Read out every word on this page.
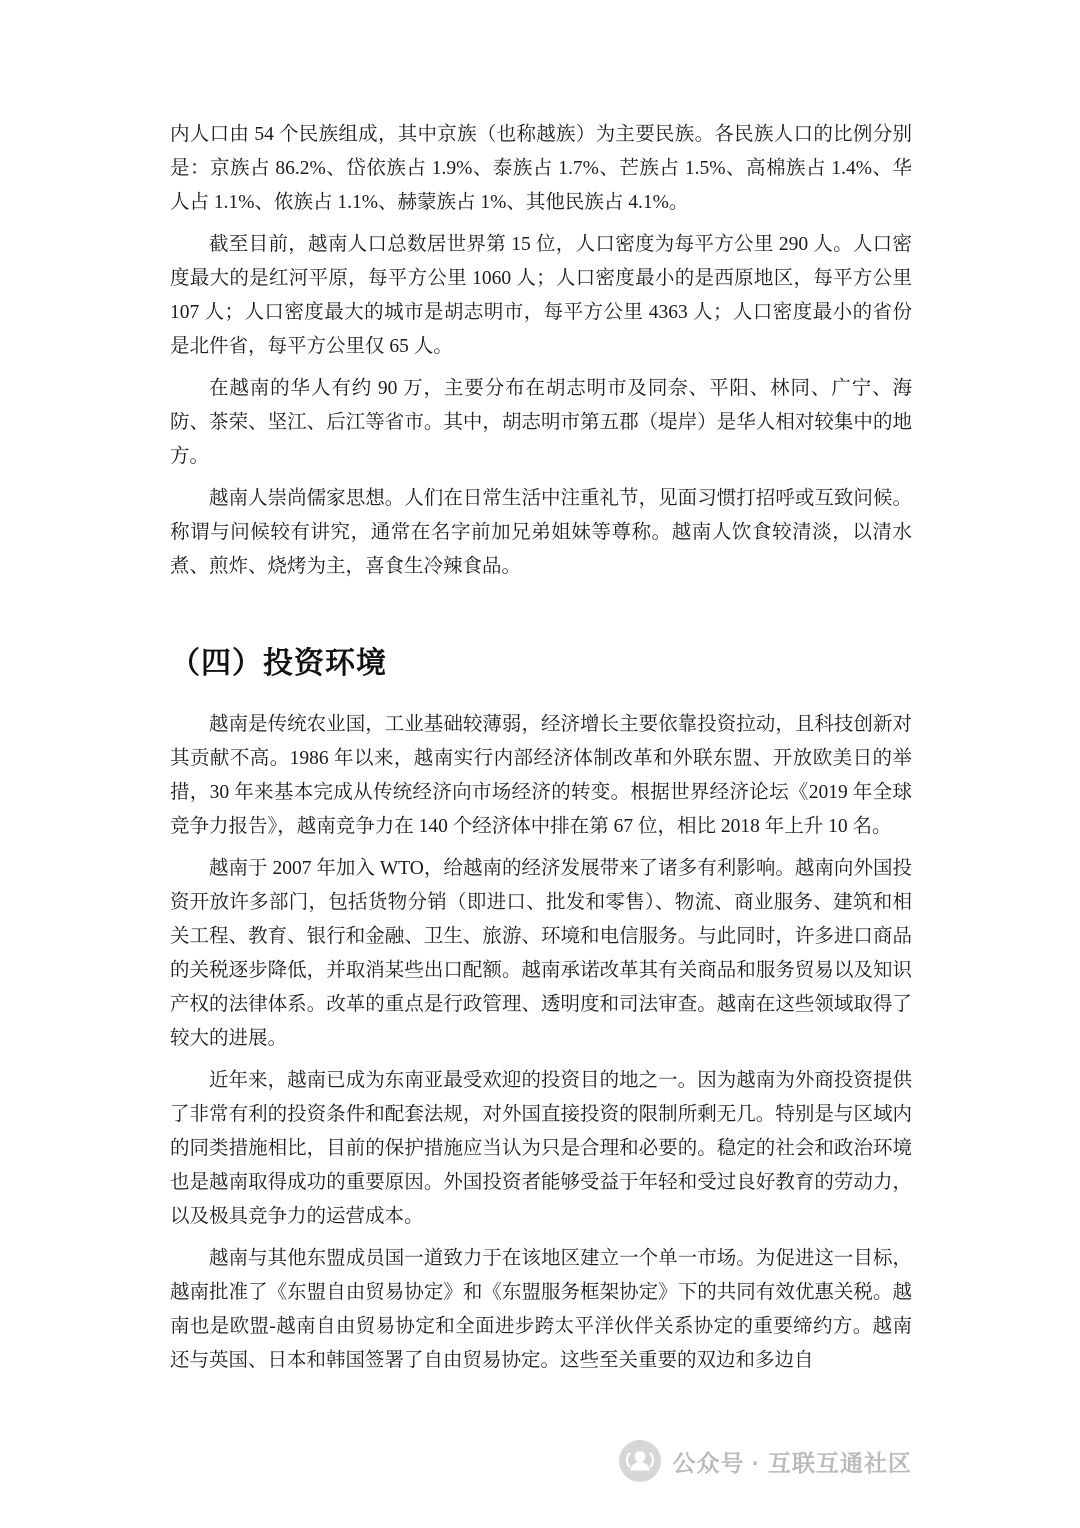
内人口由 54 个民族组成，其中京族（也称越族）为主要民族。各民族人口的比例分别是：京族占 86.2%、岱依族占 1.9%、泰族占 1.7%、芒族占 1.5%、高棉族占 1.4%、华人占 1.1%、侬族占 1.1%、赫蒙族占 1%、其他民族占 4.1%。

截至目前，越南人口总数居世界第 15 位，人口密度为每平方公里 290 人。人口密度最大的是红河平原，每平方公里 1060 人；人口密度最小的是西原地区，每平方公里 107 人；人口密度最大的城市是胡志明市，每平方公里 4363 人；人口密度最小的省份是北件省，每平方公里仅 65 人。

在越南的华人有约 90 万，主要分布在胡志明市及同奈、平阳、林同、广宁、海防、茶荣、坚江、后江等省市。其中，胡志明市第五郡（堤岸）是华人相对较集中的地方。

越南人崇尚儒家思想。人们在日常生活中注重礼节，见面习惯打招呼或互致问候。称谓与问候较有讲究，通常在名字前加兄弟姐妹等尊称。越南人饮食较清淡，以清水煮、煎炸、烧烤为主，喜食生冷辣食品。

（四）投资环境

越南是传统农业国，工业基础较薄弱，经济增长主要依靠投资拉动，且科技创新对其贡献不高。1986 年以来，越南实行内部经济体制改革和外联东盟、开放欧美日的举措，30 年来基本完成从传统经济向市场经济的转变。根据世界经济论坛《2019 年全球竞争力报告》，越南竞争力在 140 个经济体中排在第 67 位，相比 2018 年上升 10 名。

越南于 2007 年加入 WTO，给越南的经济发展带来了诸多有利影响。越南向外国投资开放许多部门，包括货物分销（即进口、批发和零售）、物流、商业服务、建筑和相关工程、教育、银行和金融、卫生、旅游、环境和电信服务。与此同时，许多进口商品的关税逐步降低，并取消某些出口配额。越南承诺改革其有关商品和服务贸易以及知识产权的法律体系。改革的重点是行政管理、透明度和司法审查。越南在这些领域取得了较大的进展。

近年来，越南已成为东南亚最受欢迎的投资目的地之一。因为越南为外商投资提供了非常有利的投资条件和配套法规，对外国直接投资的限制所剩无几。特别是与区域内的同类措施相比，目前的保护措施应当认为只是合理和必要的。稳定的社会和政治环境也是越南取得成功的重要原因。外国投资者能够受益于年轻和受过良好教育的劳动力，以及极具竞争力的运营成本。

越南与其他东盟成员国一道致力于在该地区建立一个单一市场。为促进这一目标，越南批准了《东盟自由贸易协定》和《东盟服务框架协定》下的共同有效优惠关税。越南也是欧盟-越南自由贸易协定和全面进步跨太平洋伙伴关系协定的重要缔约方。越南还与英国、日本和韩国签署了自由贸易协定。这些至关重要的双边和多边自

公众号 · 互联互通社区
